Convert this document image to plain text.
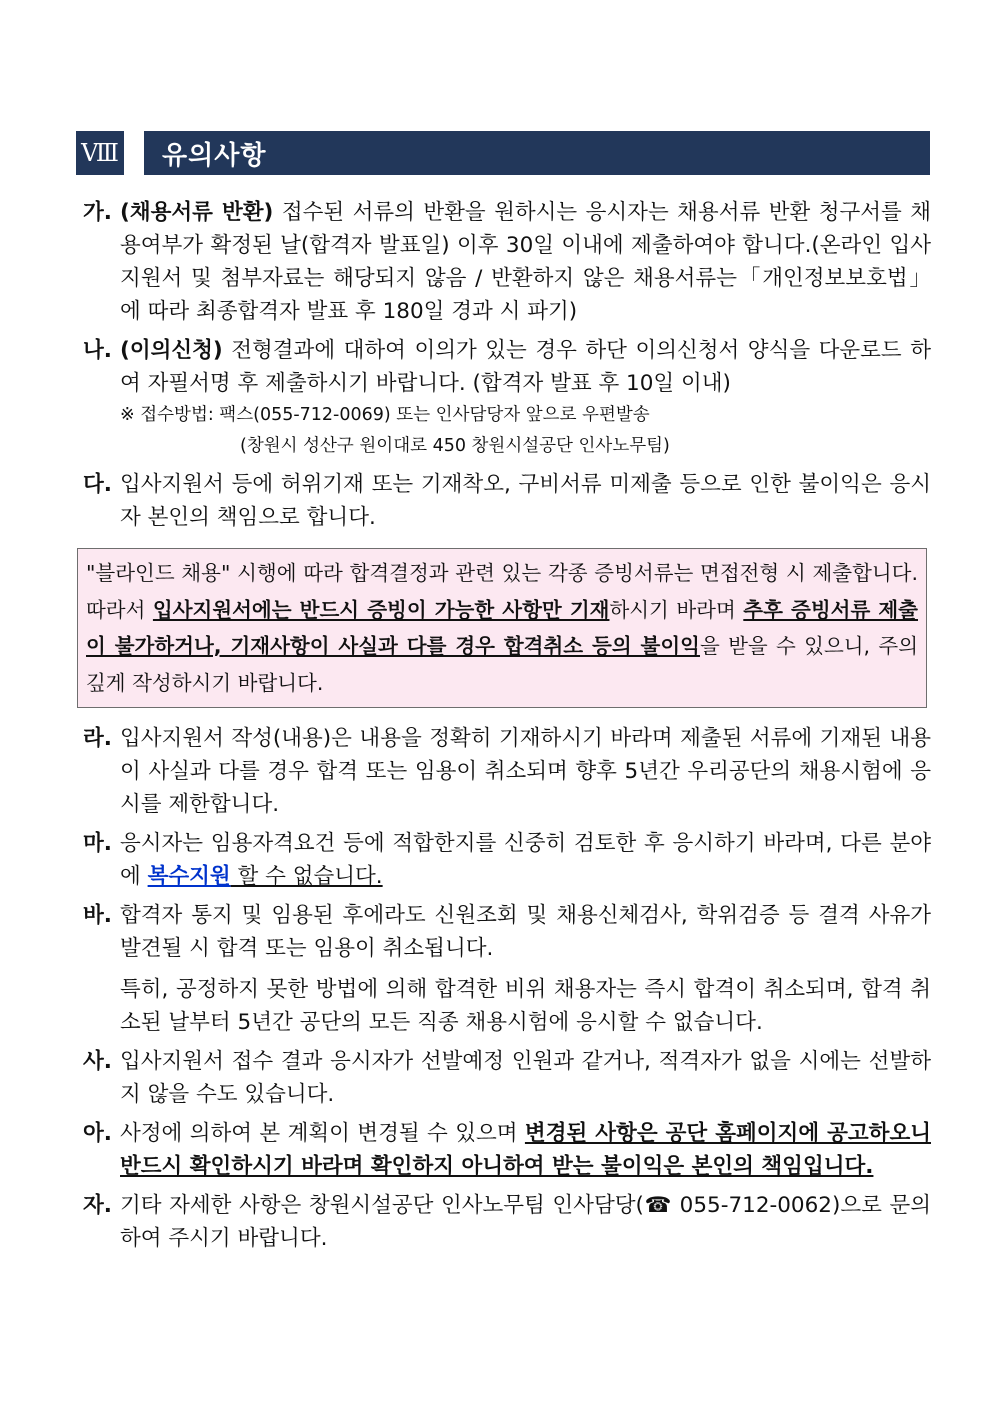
Ⅷ	유의사항
가. (채용서류 반환) 접수된 서류의 반환을 원하시는 응시자는 채용서류 반환 청구서를 채용여부가 확정된 날(합격자 발표일) 이후 30일 이내에 제출하여야 합니다.(온라인 입사지원서 및 첨부자료는 해당되지 않음 / 반환하지 않은 채용서류는「개인정보보호법」에 따라 최종합격자 발표 후 180일 경과 시 파기)
나. (이의신청) 전형결과에 대하여 이의가 있는 경우 하단 이의신청서 양식을 다운로드 하여 자필서명 후 제출하시기 바랍니다. (합격자 발표 후 10일 이내)
※ 접수방법: 팩스(055-712-0069) 또는 인사담당자 앞으로 우편발송
(창원시 성산구 원이대로 450 창원시설공단 인사노무팀)
다. 입사지원서 등에 허위기재 또는 기재착오, 구비서류 미제출 등으로 인한 불이익은 응시자 본인의 책임으로 합니다.
"블라인드 채용" 시행에 따라 합격결정과 관련 있는 각종 증빙서류는 면접전형 시 제출합니다. 따라서 입사지원서에는 반드시 증빙이 가능한 사항만 기재하시기 바라며 추후 증빙서류 제출이 불가하거나, 기재사항이 사실과 다를 경우 합격취소 등의 불이익을 받을 수 있으니, 주의 깊게 작성하시기 바랍니다.
라. 입사지원서 작성(내용)은 내용을 정확히 기재하시기 바라며 제출된 서류에 기재된 내용이 사실과 다를 경우 합격 또는 임용이 취소되며 향후 5년간 우리공단의 채용시험에 응시를 제한합니다.
마. 응시자는 임용자격요건 등에 적합한지를 신중히 검토한 후 응시하기 바라며, 다른 분야에 복수지원 할 수 없습니다.
바. 합격자 통지 및 임용된 후에라도 신원조회 및 채용신체검사, 학위검증 등 결격 사유가 발견될 시 합격 또는 임용이 취소됩니다.
특히, 공정하지 못한 방법에 의해 합격한 비위 채용자는 즉시 합격이 취소되며, 합격 취소된 날부터 5년간 공단의 모든 직종 채용시험에 응시할 수 없습니다.
사. 입사지원서 접수 결과 응시자가 선발예정 인원과 같거나, 적격자가 없을 시에는 선발하지 않을 수도 있습니다.
아. 사정에 의하여 본 계획이 변경될 수 있으며 변경된 사항은 공단 홈페이지에 공고하오니 반드시 확인하시기 바라며 확인하지 아니하여 받는 불이익은 본인의 책임입니다.
자. 기타 자세한 사항은 창원시설공단 인사노무팀 인사담당(☎ 055-712-0062)으로 문의하여 주시기 바랍니다.
